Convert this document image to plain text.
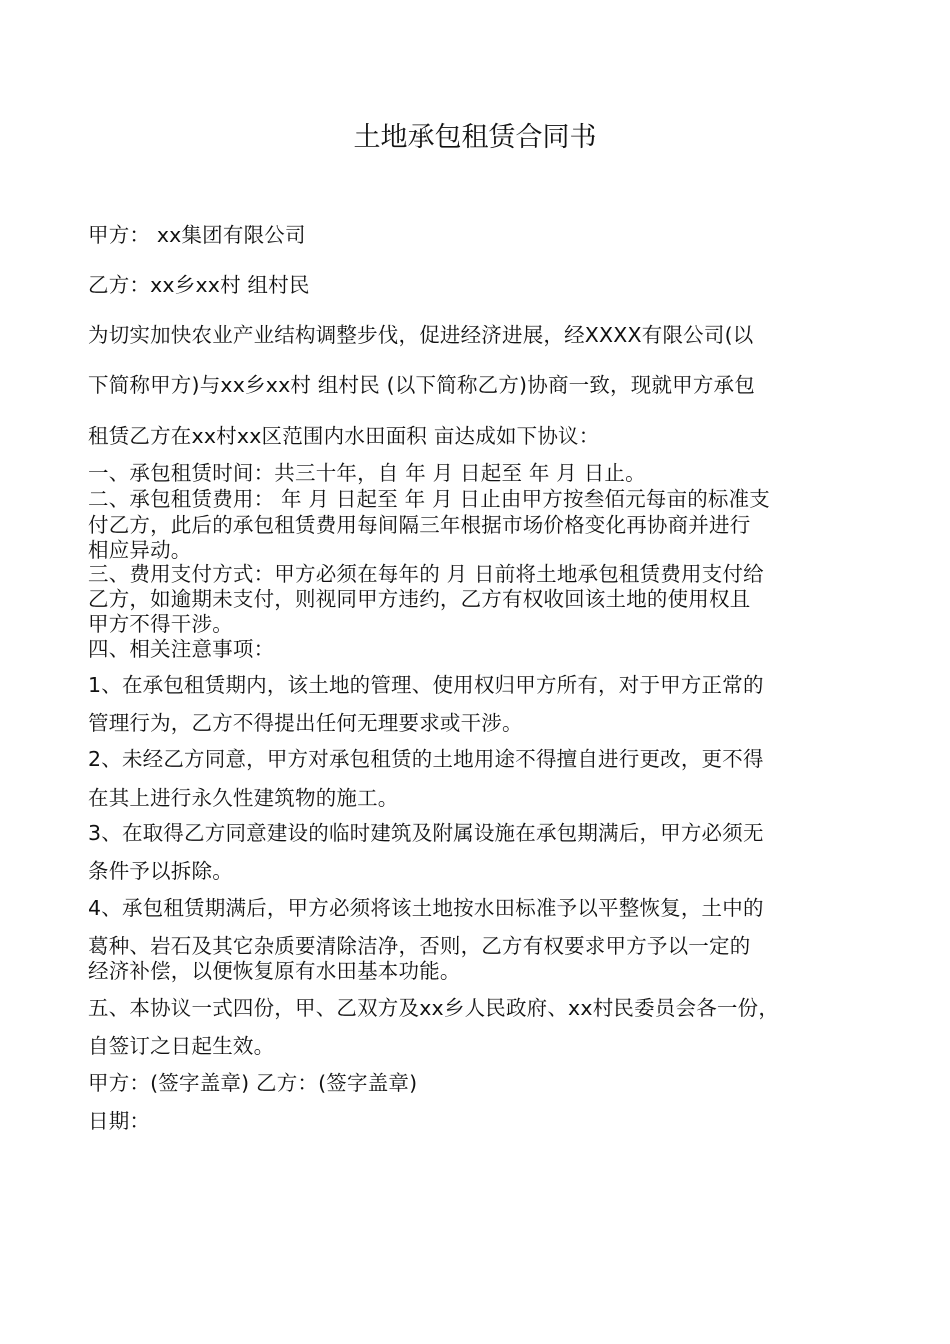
土地承包租赁合同书
甲方： xx集团有限公司
乙方：xx乡xx村 组村民
为切实加快农业产业结构调整步伐，促进经济进展，经XXXX有限公司(以
下简称甲方)与xx乡xx村 组村民 (以下简称乙方)协商一致，现就甲方承包
租赁乙方在xx村xx区范围内水田面积 亩达成如下协议：
一、承包租赁时间：共三十年，自 年 月 日起至 年 月 日止。
二、承包租赁费用： 年 月 日起至 年 月 日止由甲方按叁佰元每亩的标准支
付乙方，此后的承包租赁费用每间隔三年根据市场价格变化再协商并进行
相应异动。
三、费用支付方式：甲方必须在每年的 月 日前将土地承包租赁费用支付给
乙方，如逾期未支付，则视同甲方违约，乙方有权收回该土地的使用权且
甲方不得干涉。
四、相关注意事项：
1、在承包租赁期内，该土地的管理、使用权归甲方所有，对于甲方正常的
管理行为，乙方不得提出任何无理要求或干涉。
2、未经乙方同意，甲方对承包租赁的土地用途不得擅自进行更改，更不得
在其上进行永久性建筑物的施工。
3、在取得乙方同意建设的临时建筑及附属设施在承包期满后，甲方必须无
条件予以拆除。
4、承包租赁期满后，甲方必须将该土地按水田标准予以平整恢复，土中的
葛种、岩石及其它杂质要清除洁净，否则，乙方有权要求甲方予以一定的
经济补偿，以便恢复原有水田基本功能。
五、本协议一式四份，甲、乙双方及xx乡人民政府、xx村民委员会各一份，
自签订之日起生效。
甲方：(签字盖章) 乙方：(签字盖章)
日期：
